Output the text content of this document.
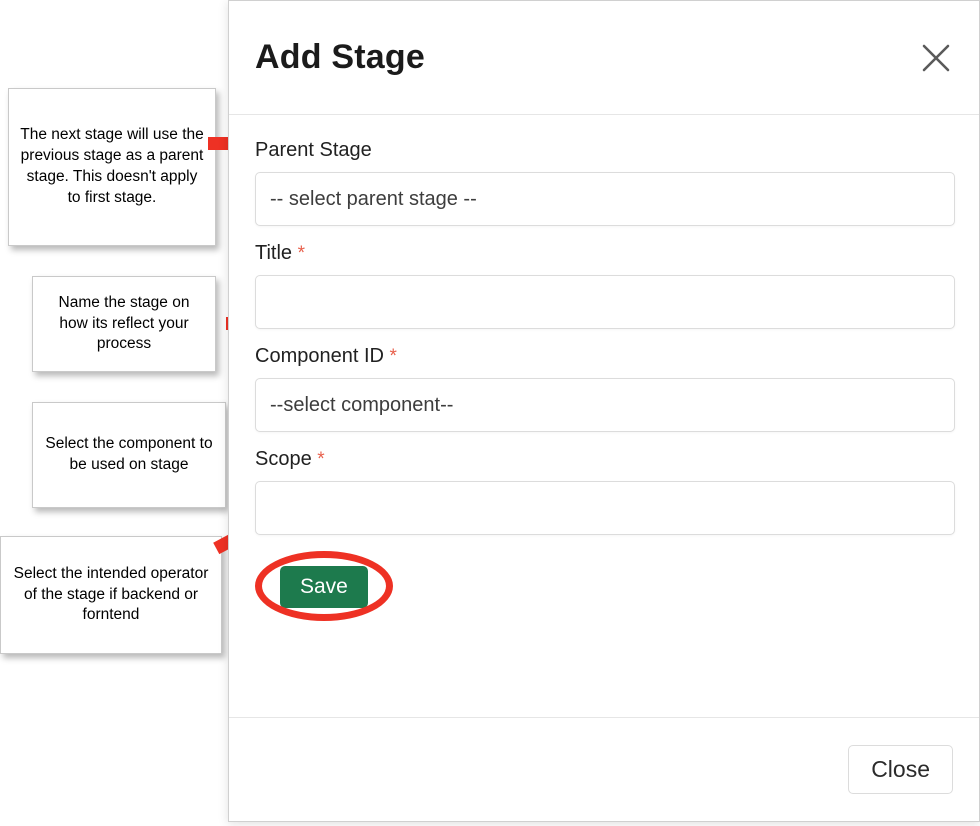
The next stage will use the previous stage as a parent stage. This doesn't apply to first stage.
Name the stage on how its reflect your process
Select the component to be used on stage
Select the intended operator of the stage if backend or forntend
Add Stage
Parent Stage
-- select parent stage --
Title *
Component ID *
--select component--
Scope *
Save
Close
